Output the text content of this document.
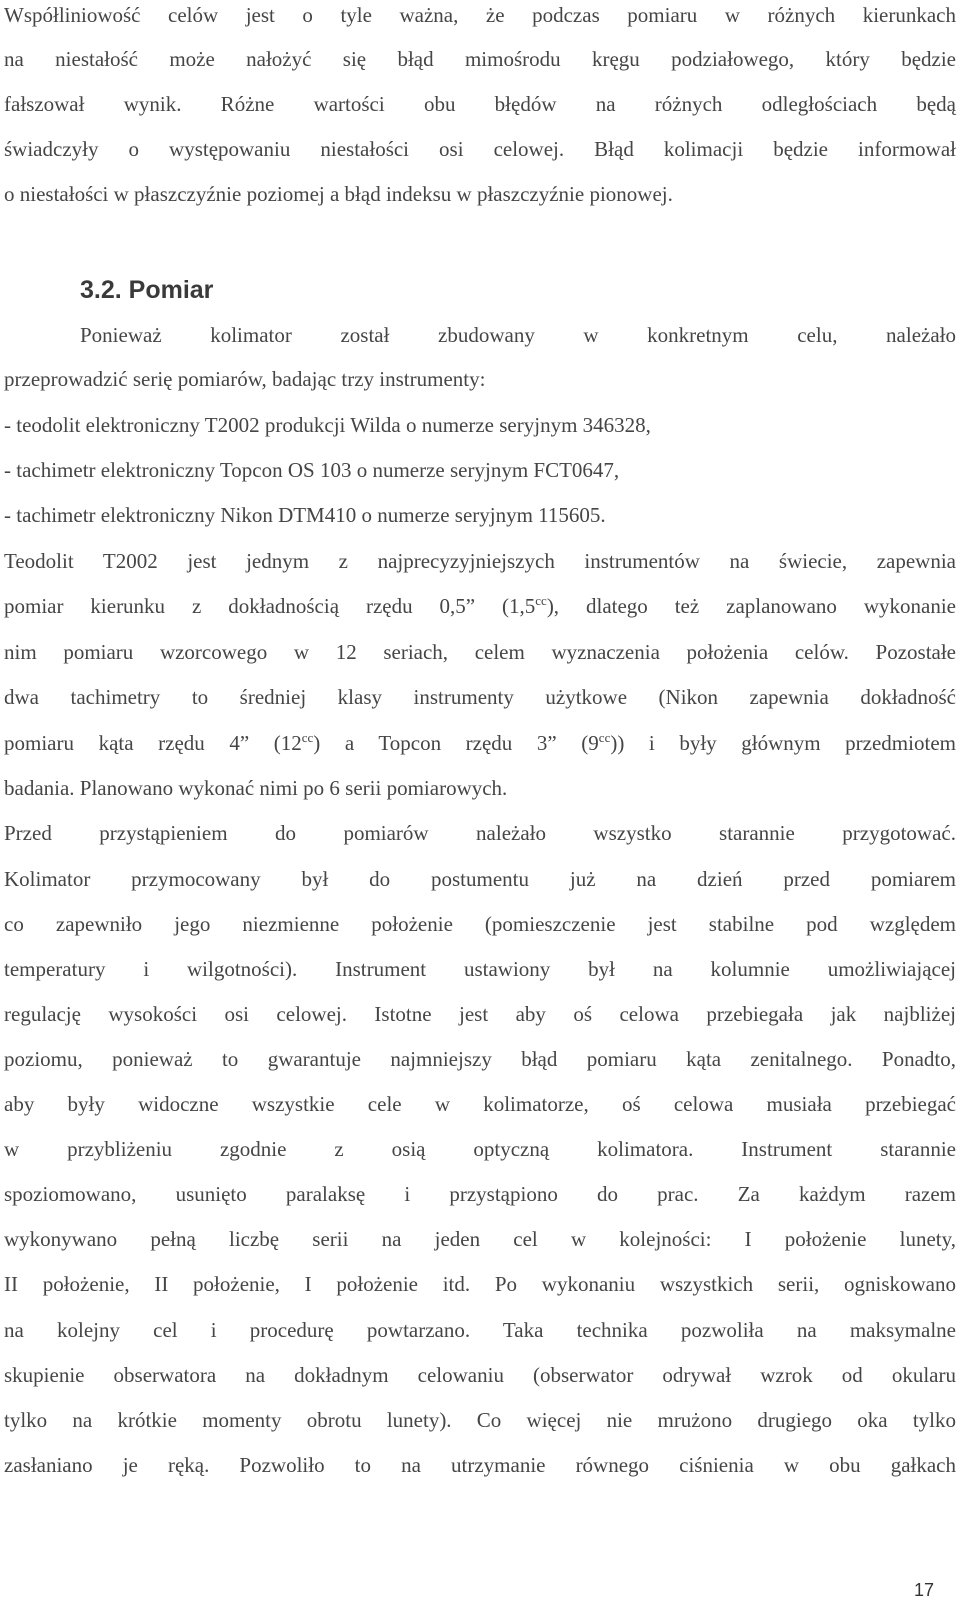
Współliniowość celów jest o tyle ważna, że podczas pomiaru w różnych kierunkach
na niestałość może nałożyć się błąd mimośrodu kręgu podziałowego, który będzie
fałszował wynik. Różne wartości obu błędów na różnych odległościach będą
świadczyły o występowaniu niestałości osi celowej. Błąd kolimacji będzie informował
o niestałości w płaszczyźnie poziomej a błąd indeksu w płaszczyźnie pionowej.
3.2. Pomiar
Ponieważ kolimator został zbudowany w konkretnym celu, należało
przeprowadzić serię pomiarów, badając trzy instrumenty:
- teodolit elektroniczny T2002 produkcji Wilda o numerze seryjnym 346328,
- tachimetr elektroniczny Topcon OS 103 o numerze seryjnym FCT0647,
- tachimetr elektroniczny Nikon DTM410 o numerze seryjnym 115605.
Teodolit T2002 jest jednym z najprecyzyjniejszych instrumentów na świecie, zapewnia
pomiar kierunku z dokładnością rzędu 0,5” (1,5$^{cc}$), dlatego też zaplanowano wykonanie
nim pomiaru wzorcowego w 12 seriach, celem wyznaczenia położenia celów. Pozostałe
dwa tachimetry to średniej klasy instrumenty użytkowe (Nikon zapewnia dokładność
pomiaru kąta rzędu 4” $(12^{cc})$ a Topcon rzędu 3” $(9^{cc})$) i były głównym przedmiotem
badania. Planowano wykonać nimi po 6 serii pomiarowych.
Przed przystąpieniem do pomiarów należało wszystko starannie przygotować.
Kolimator przymocowany był do postumentu już na dzień przed pomiarem
co zapewniło jego niezmienne położenie (pomieszczenie jest stabilne pod względem
temperatury i wilgotności). Instrument ustawiony był na kolumnie umożliwiającej
regulację wysokości osi celowej. Istotne jest aby oś celowa przebiegała jak najbliżej
poziomu, ponieważ to gwarantuje najmniejszy błąd pomiaru kąta zenitalnego. Ponadto,
aby były widoczne wszystkie cele w kolimatorze, oś celowa musiała przebiegać
w przybliżeniu zgodnie z osią optyczną kolimatora. Instrument starannie
spoziomowano, usunięto paralaksę i przystąpiono do prac. Za każdym razem
wykonywano pełną liczbę serii na jeden cel w kolejności: I położenie lunety,
II położenie, II położenie, I położenie itd. Po wykonaniu wszystkich serii, ogniskowano
na kolejny cel i procedurę powtarzano. Taka technika pozwoliła na maksymalne
skupienie obserwatora na dokładnym celowaniu (obserwator odrywał wzrok od okularu
tylko na krótkie momenty obrotu lunety). Co więcej nie mrużono drugiego oka tylko
zasłaniano je ręką. Pozwoliło to na utrzymanie równego ciśnienia w obu gałkach
17
